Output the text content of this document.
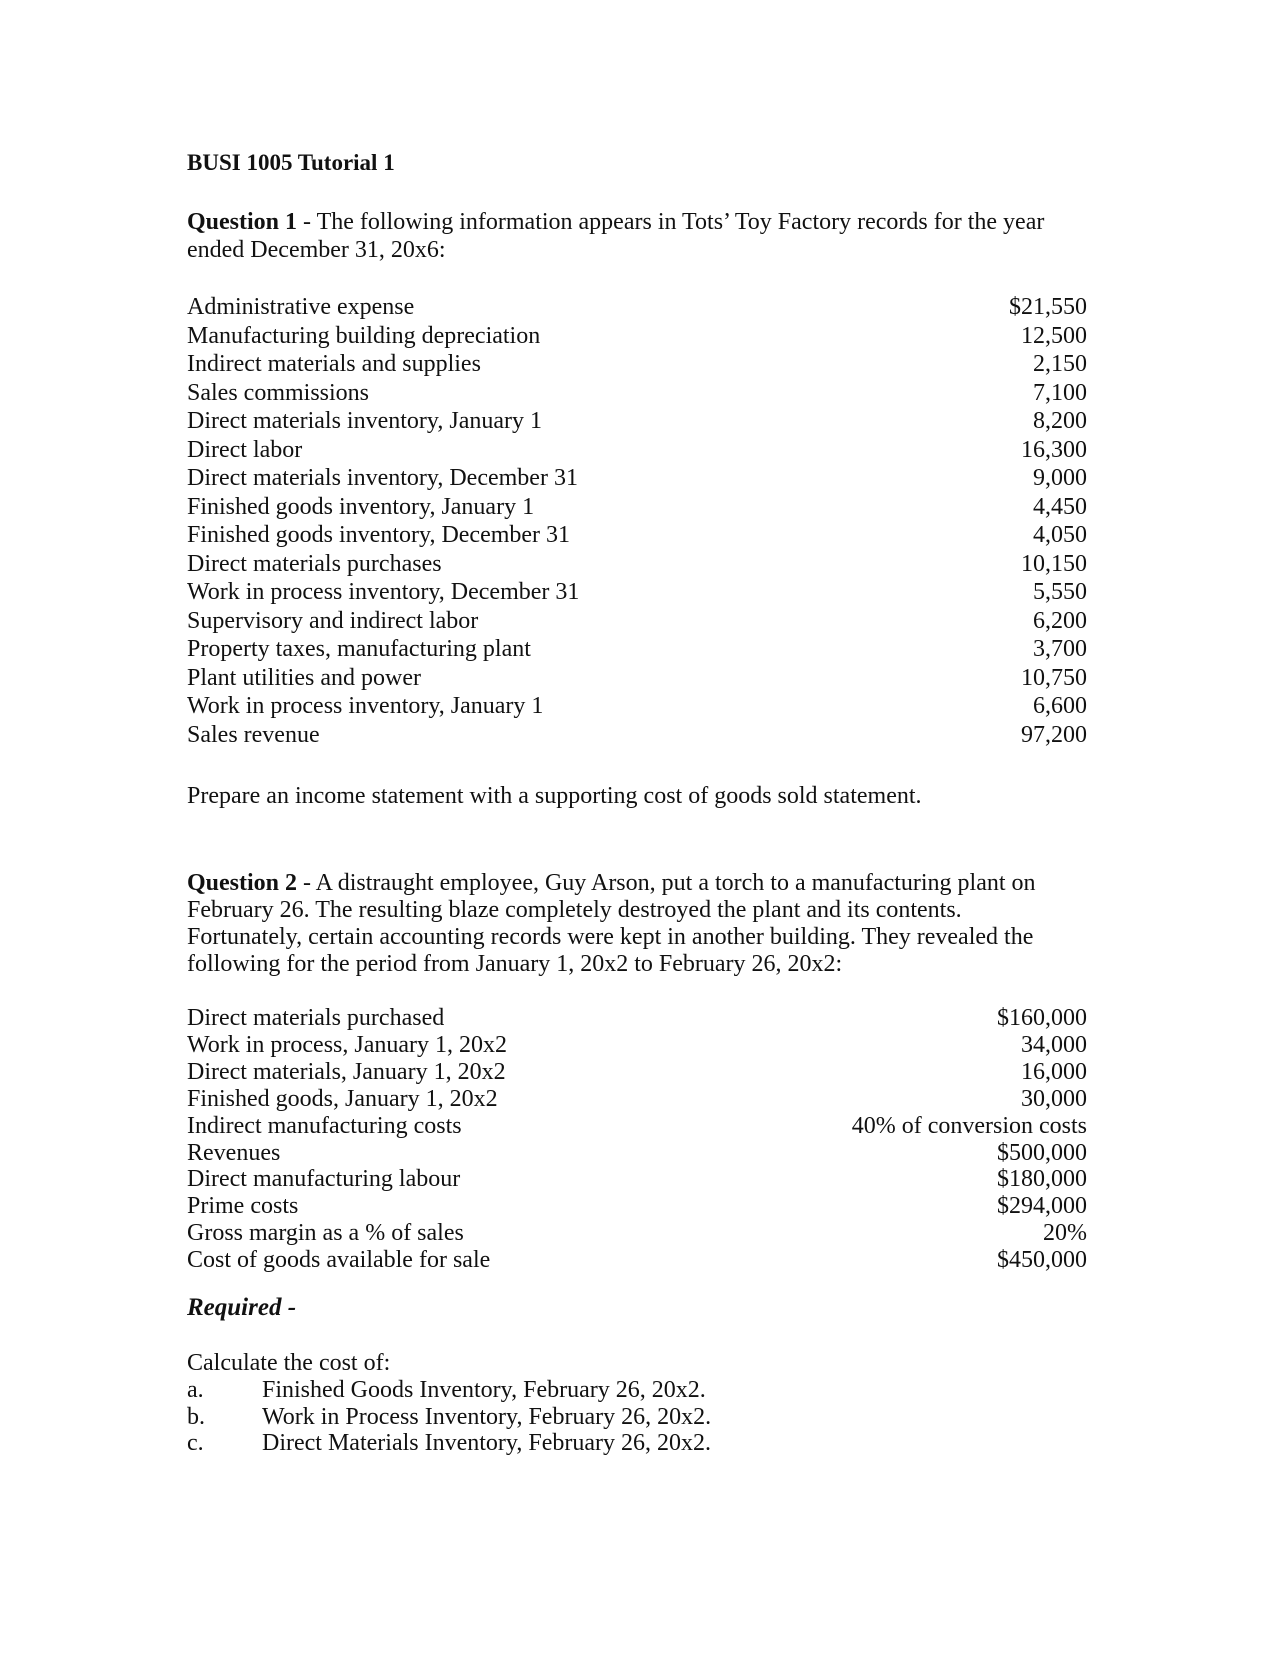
BUSI 1005 Tutorial 1
Question 1 - The following information appears in Tots’ Toy Factory records for the year
ended December 31, 20x6:
Administrative expense	$21,550
Manufacturing building depreciation	12,500
Indirect materials and supplies	2,150
Sales commissions	7,100
Direct materials inventory, January 1	8,200
Direct labor	16,300
Direct materials inventory, December 31	9,000
Finished goods inventory, January 1	4,450
Finished goods inventory, December 31	4,050
Direct materials purchases	10,150
Work in process inventory, December 31	5,550
Supervisory and indirect labor	6,200
Property taxes, manufacturing plant	3,700
Plant utilities and power	10,750
Work in process inventory, January 1	6,600
Sales revenue	97,200
Prepare an income statement with a supporting cost of goods sold statement.
Question 2 - A distraught employee, Guy Arson, put a torch to a manufacturing plant on
February 26. The resulting blaze completely destroyed the plant and its contents.
Fortunately, certain accounting records were kept in another building. They revealed the
following for the period from January 1, 20x2 to February 26, 20x2:
Direct materials purchased	$160,000
Work in process, January 1, 20x2	34,000
Direct materials, January 1, 20x2	16,000
Finished goods, January 1, 20x2	30,000
Indirect manufacturing costs	40% of conversion costs
Revenues	$500,000
Direct manufacturing labour	$180,000
Prime costs	$294,000
Gross margin as a % of sales	20%
Cost of goods available for sale	$450,000
Required -
Calculate the cost of:
a.	Finished Goods Inventory, February 26, 20x2.
b.	Work in Process Inventory, February 26, 20x2.
c.	Direct Materials Inventory, February 26, 20x2.
